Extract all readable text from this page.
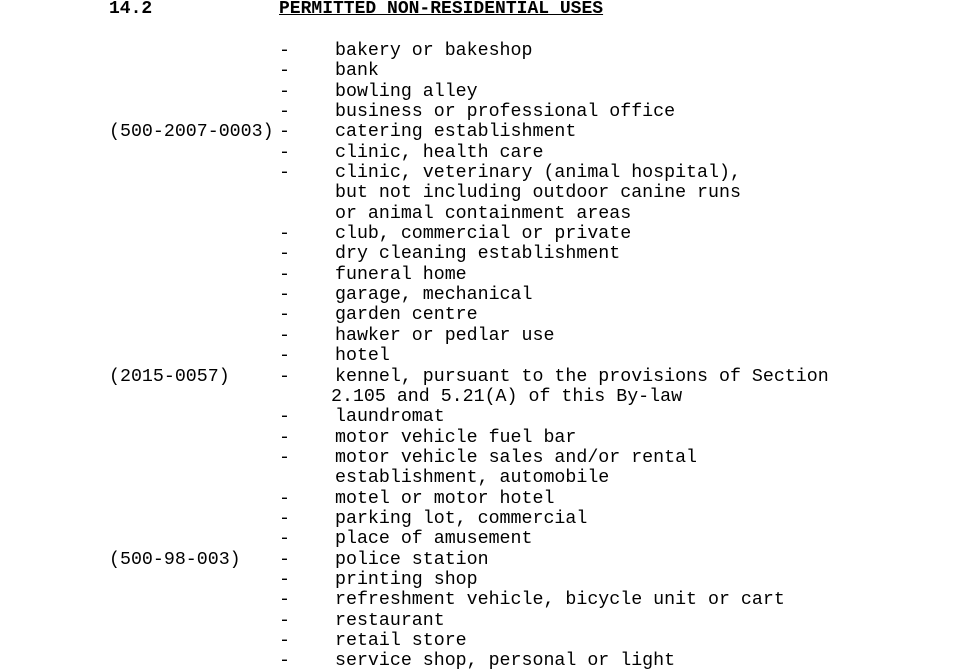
14.2	PERMITTED NON-RESIDENTIAL USES
- bakery or bakeshop
- bank
- bowling alley
- business or professional office
(500-2007-0003) - catering establishment
- clinic, health care
- clinic, veterinary (animal hospital),
but not including outdoor canine runs
or animal containment areas
- club, commercial or private
- dry cleaning establishment
- funeral home
- garage, mechanical
- garden centre
- hawker or pedlar use
- hotel
(2015-0057)	- kennel, pursuant to the provisions of Section
2.105 and 5.21(A) of this By-law
- laundromat
- motor vehicle fuel bar
- motor vehicle sales and/or rental
establishment, automobile
- motel or motor hotel
- parking lot, commercial
- place of amusement
(500-98-003) - police station
- printing shop
- refreshment vehicle, bicycle unit or cart
- restaurant
- retail store
- service shop, personal or light
